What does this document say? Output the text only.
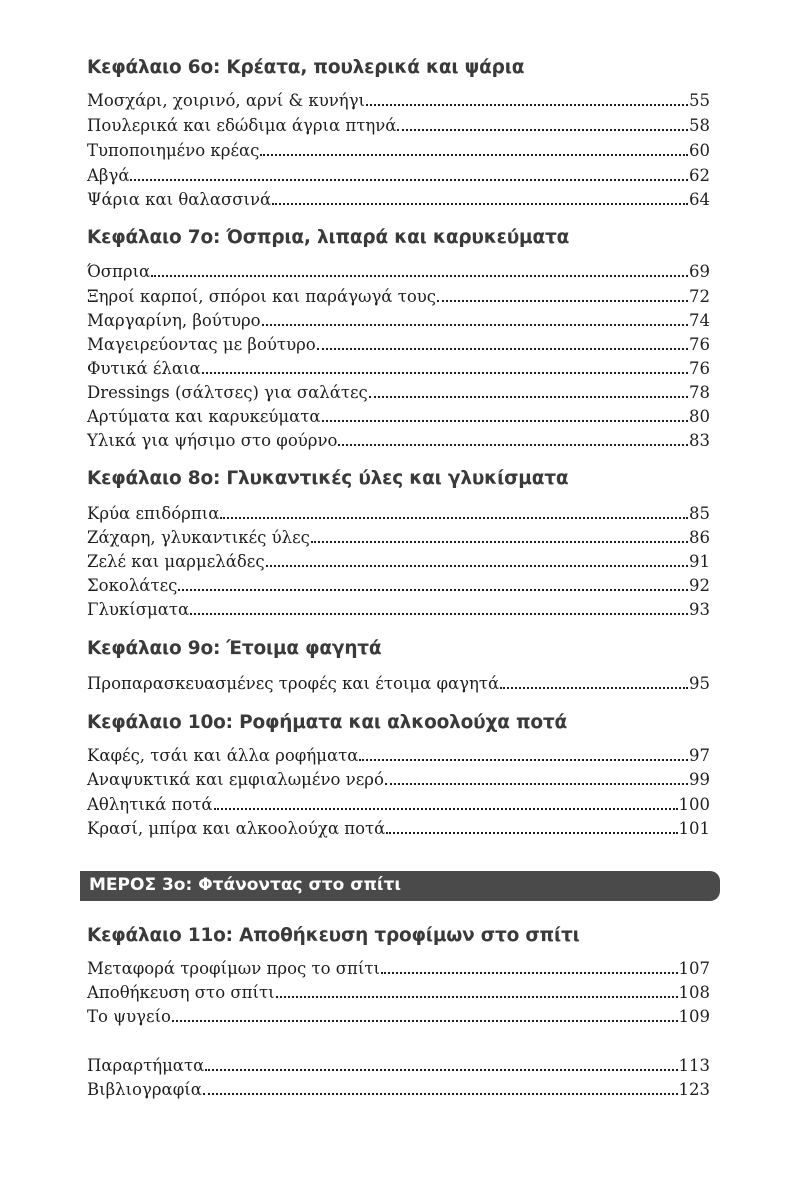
Κεφάλαιο 6ο: Κρέατα, πουλερικά και ψάρια
Μοσχάρι, χοιρινό, αρνί & κυνήγι	55
Πουλερικά και εδώδιμα άγρια πτηνά	58
Τυποποιημένο κρέας	60
Αβγά	62
Ψάρια και θαλασσινά	64
Κεφάλαιο 7ο: Όσπρια, λιπαρά και καρυκεύματα
Όσπρια	69
Ξηροί καρποί, σπόροι και παράγωγά τους	72
Μαργαρίνη, βούτυρο	74
Μαγειρεύοντας με βούτυρο	76
Φυτικά έλαια	76
Dressings (σάλτσες) για σαλάτες	78
Αρτύματα και καρυκεύματα	80
Υλικά για ψήσιμο στο φούρνο	83
Κεφάλαιο 8ο: Γλυκαντικές ύλες και γλυκίσματα
Κρύα επιδόρπια	85
Ζάχαρη, γλυκαντικές ύλες	86
Ζελέ και μαρμελάδες	91
Σοκολάτες	92
Γλυκίσματα	93
Κεφάλαιο 9ο: Έτοιμα φαγητά
Προπαρασκευασμένες τροφές και έτοιμα φαγητά	95
Κεφάλαιο 10ο: Ροφήματα και αλκοολούχα ποτά
Καφές, τσάι και άλλα ροφήματα	97
Αναψυκτικά και εμφιαλωμένο νερό	99
Αθλητικά ποτά	100
Κρασί, μπίρα και αλκοολούχα ποτά	101
ΜΕΡΟΣ 3ο: Φτάνοντας στο σπίτι
Κεφάλαιο 11ο: Αποθήκευση τροφίμων στο σπίτι
Μεταφορά τροφίμων προς το σπίτι	107
Αποθήκευση στο σπίτι	108
Το ψυγείο	109
Παραρτήματα	113
Βιβλιογραφία	123
